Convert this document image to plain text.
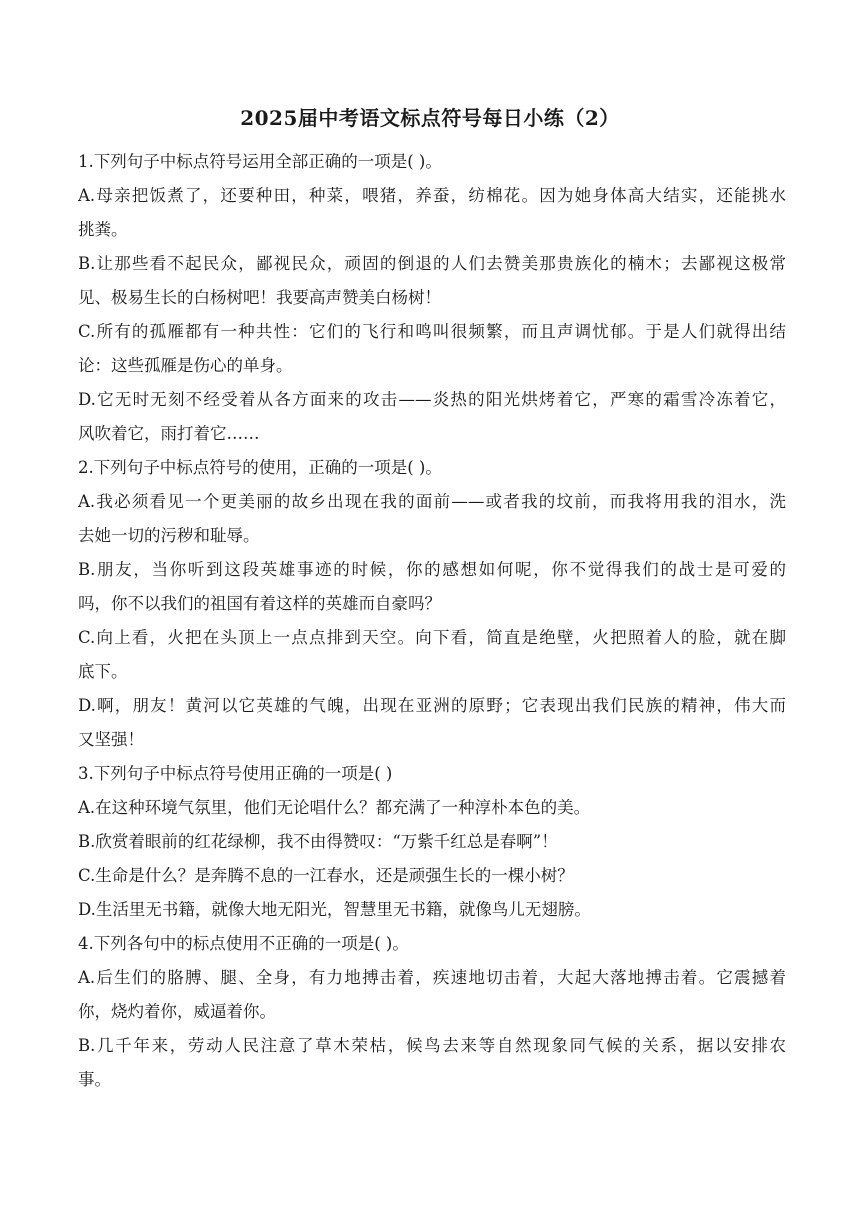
2025届中考语文标点符号每日小练（2）
1.下列句子中标点符号运用全部正确的一项是( )。
A.母亲把饭煮了，还要种田，种菜，喂猪，养蚕，纺棉花。因为她身体高大结实，还能挑水
挑粪。
B.让那些看不起民众，鄙视民众，顽固的倒退的人们去赞美那贵族化的楠木；去鄙视这极常
见、极易生长的白杨树吧！我要高声赞美白杨树！
C.所有的孤雁都有一种共性：它们的飞行和鸣叫很频繁，而且声调忧郁。于是人们就得出结
论：这些孤雁是伤心的单身。
D.它无时无刻不经受着从各方面来的攻击——炎热的阳光烘烤着它，严寒的霜雪冷冻着它，
风吹着它，雨打着它……
2.下列句子中标点符号的使用，正确的一项是( )。
A.我必须看见一个更美丽的故乡出现在我的面前——或者我的坟前，而我将用我的泪水，洗
去她一切的污秽和耻辱。
B.朋友，当你听到这段英雄事迹的时候，你的感想如何呢，你不觉得我们的战士是可爱的
吗，你不以我们的祖国有着这样的英雄而自豪吗？
C.向上看，火把在头顶上一点点排到天空。向下看，简直是绝壁，火把照着人的脸，就在脚
底下。
D.啊，朋友！黄河以它英雄的气魄，出现在亚洲的原野；它表现出我们民族的精神，伟大而
又坚强！
3.下列句子中标点符号使用正确的一项是( )
A.在这种环境气氛里，他们无论唱什么？都充满了一种淳朴本色的美。
B.欣赏着眼前的红花绿柳，我不由得赞叹：“万紫千红总是春啊”！
C.生命是什么？是奔腾不息的一江春水，还是顽强生长的一棵小树？
D.生活里无书籍，就像大地无阳光，智慧里无书籍，就像鸟儿无翅膀。
4.下列各句中的标点使用不正确的一项是( )。
A.后生们的胳膊、腿、全身，有力地搏击着，疾速地切击着，大起大落地搏击着。它震撼着
你，烧灼着你，威逼着你。
B.几千年来，劳动人民注意了草木荣枯，候鸟去来等自然现象同气候的关系，据以安排农
事。
